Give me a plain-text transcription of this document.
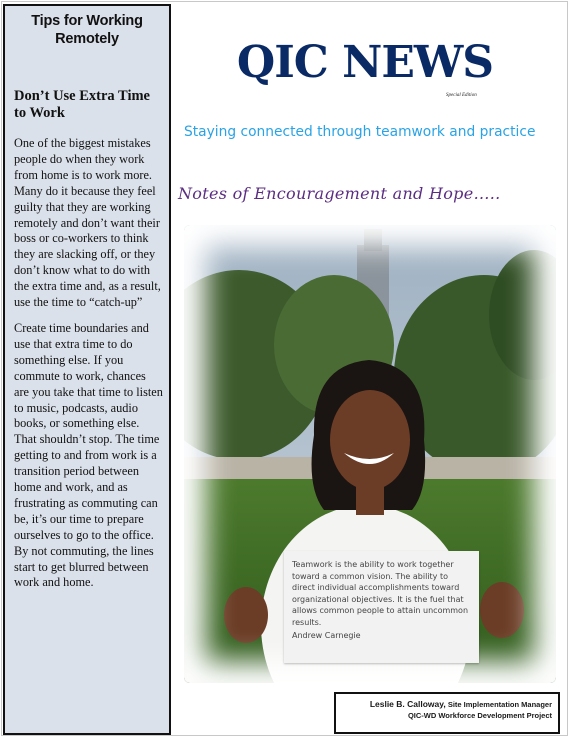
Tips for Working Remotely
Don’t Use Extra Time to Work

One of the biggest mistakes people do when they work from home is to work more. Many do it because they feel guilty that they are working remotely and don’t want their boss or co-workers to think they are slacking off, or they don’t know what to do with the extra time and, as a result, use the time to “catch-up”

Create time boundaries and use that extra time to do something else. If you commute to work, chances are you take that time to listen to music, podcasts, audio books, or something else. That shouldn’t stop. The time getting to and from work is a transition period between home and work, and as frustrating as commuting can be, it’s our time to prepare ourselves to go to the office. By not commuting, the lines start to get blurred between work and home.

QIC NEWS
Special Edition
Staying connected through teamwork and practice
Notes of Encouragement and Hope…..
Teamwork is the ability to work together toward a common vision. The ability to direct individual accomplishments toward organizational objectives. It is the fuel that allows common people to attain uncommon results.
Andrew Carnegie
Leslie B. Calloway, Site Implementation Manager
QIC-WD Workforce Development Project
